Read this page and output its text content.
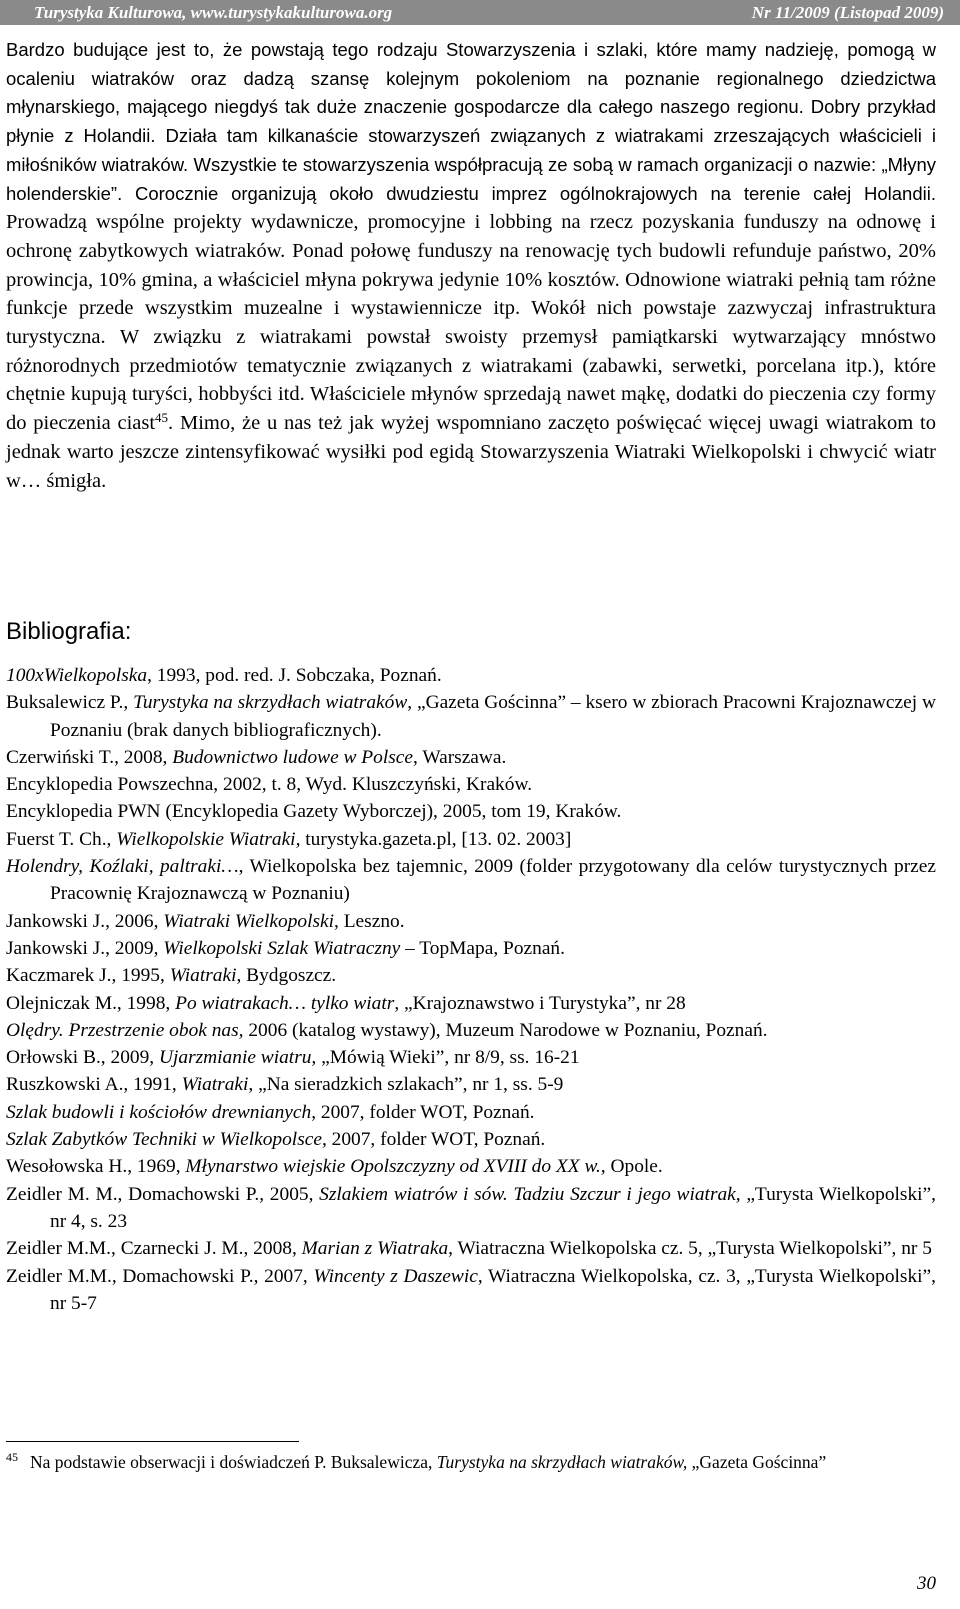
Turystyka Kulturowa, www.turystykakulturowa.org	Nr 11/2009 (Listopad 2009)
Bardzo budujące jest to, że powstają tego rodzaju Stowarzyszenia i szlaki, które mamy nadzieję, pomogą w ocaleniu wiatraków oraz dadzą szansę kolejnym pokoleniom na poznanie regionalnego dziedzictwa młynarskiego, mającego niegdyś tak duże znaczenie gospodarcze dla całego naszego regionu. Dobry przykład płynie z Holandii. Działa tam kilkanaście stowarzyszeń związanych z wiatrakami zrzeszających właścicieli i miłośników wiatraków. Wszystkie te stowarzyszenia współpracują ze sobą w ramach organizacji o nazwie: „Młyny holenderskie”. Corocznie organizują około dwudziestu imprez ogólnokrajowych na terenie całej Holandii. Prowadzą wspólne projekty wydawnicze, promocyjne i lobbing na rzecz pozyskania funduszy na odnowę i ochronę zabytkowych wiatraków. Ponad połowę funduszy na renowację tych budowli refunduje państwo, 20% prowincja, 10% gmina, a właściciel młyna pokrywa jedynie 10% kosztów. Odnowione wiatraki pełnią tam różne funkcje przede wszystkim muzealne i wystawiennicze itp. Wokół nich powstaje zazwyczaj infrastruktura turystyczna. W związku z wiatrakami powstał swoisty przemysł pamiątkarski wytwarzający mnóstwo różnorodnych przedmiotów tematycznie związanych z wiatrakami (zabawki, serwetki, porcelana itp.), które chętnie kupują turyści, hobbyści itd. Właściciele młynów sprzedają nawet mąkę, dodatki do pieczenia czy formy do pieczenia ciast$^{45}$. Mimo, że u nas też jak wyżej wspomniano zaczęto poświęcać więcej uwagi wiatrakom to jednak warto jeszcze zintensyfikować wysiłki pod egidą Stowarzyszenia Wiatraki Wielkopolski i chwycić wiatr w… śmigła.
Bibliografia:
100xWielkopolska, 1993, pod. red. J. Sobczaka, Poznań.
Buksalewicz P., Turystyka na skrzydłach wiatraków, „Gazeta Gościnna” – ksero w zbiorach Pracowni Krajoznawczej w Poznaniu (brak danych bibliograficznych).
Czerwiński T., 2008, Budownictwo ludowe w Polsce, Warszawa.
Encyklopedia Powszechna, 2002, t. 8, Wyd. Kluszczyński, Kraków.
Encyklopedia PWN (Encyklopedia Gazety Wyborczej), 2005, tom 19, Kraków.
Fuerst T. Ch., Wielkopolskie Wiatraki, turystyka.gazeta.pl, [13. 02. 2003]
Holendry, Koźlaki, paltraki…, Wielkopolska bez tajemnic, 2009 (folder przygotowany dla celów turystycznych przez Pracownię Krajoznawczą w Poznaniu)
Jankowski J., 2006, Wiatraki Wielkopolski, Leszno.
Jankowski J., 2009, Wielkopolski Szlak Wiatraczny – TopMapa, Poznań.
Kaczmarek J., 1995, Wiatraki, Bydgoszcz.
Olejniczak M., 1998, Po wiatrakach… tylko wiatr, „Krajoznawstwo i Turystyka”, nr 28
Olędry. Przestrzenie obok nas, 2006 (katalog wystawy), Muzeum Narodowe w Poznaniu, Poznań.
Orłowski B., 2009, Ujarzmianie wiatru, „Mówią Wieki”, nr 8/9, ss. 16-21
Ruszkowski A., 1991, Wiatraki, „Na sieradzkich szlakach”, nr 1, ss. 5-9
Szlak budowli i kościołów drewnianych, 2007, folder WOT, Poznań.
Szlak Zabytków Techniki w Wielkopolsce, 2007, folder WOT, Poznań.
Wesołowska H., 1969, Młynarstwo wiejskie Opolszczyzny od XVIII do XX w., Opole.
Zeidler M. M., Domachowski P., 2005, Szlakiem wiatrów i sów. Tadziu Szczur i jego wiatrak, „Turysta Wielkopolski”, nr 4, s. 23
Zeidler M.M., Czarnecki J. M., 2008, Marian z Wiatraka, Wiatraczna Wielkopolska cz. 5, „Turysta Wielkopolski”, nr 5
Zeidler M.M., Domachowski P., 2007, Wincenty z Daszewic, Wiatraczna Wielkopolska, cz. 3, „Turysta Wielkopolski”, nr 5-7
$^{45}$ Na podstawie obserwacji i doświadczeń P. Buksalewicza, Turystyka na skrzydłach wiatraków, „Gazeta Gościnna”
30
